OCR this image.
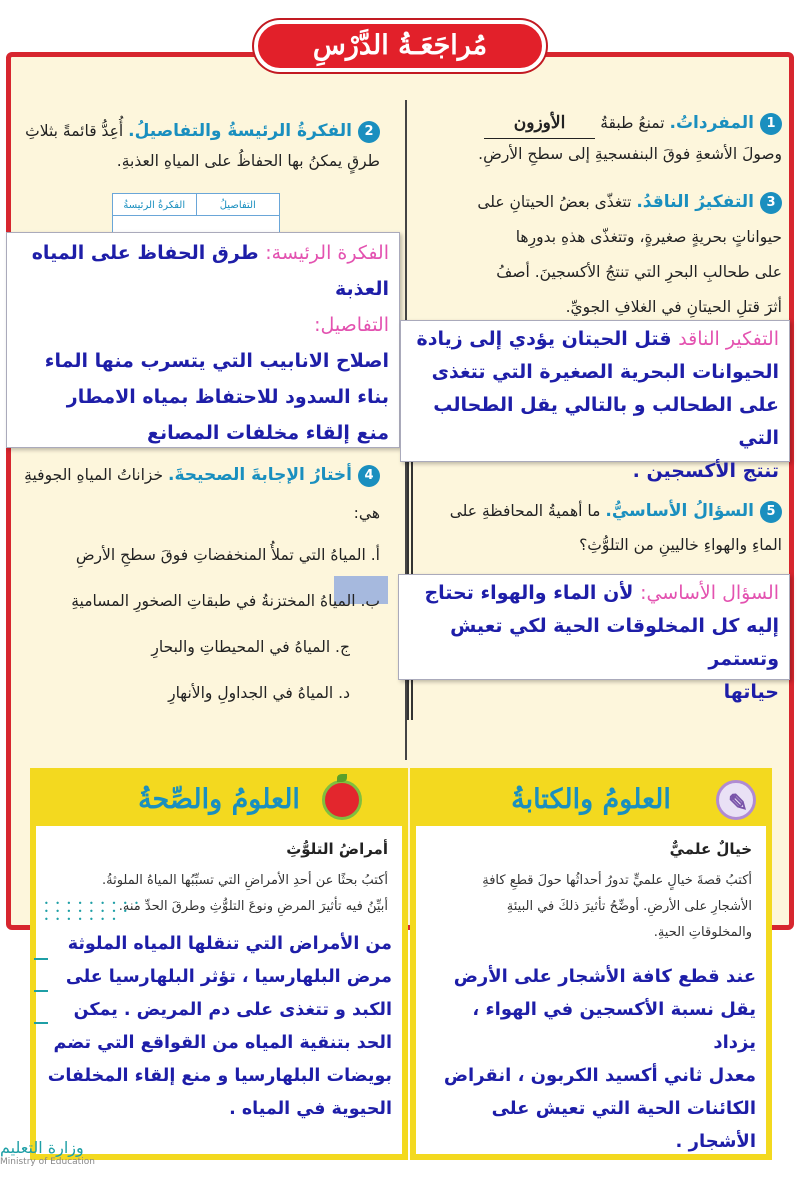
مُراجَعَـةُ الدَّرْسِ
1المفرداتُ. تمنعُ طبقةُ الأوزون
وصولَ الأشعةِ فوقَ البنفسجيةِ إلى سطحِ الأرضِ.
2الفكرةُ الرئيسةُ والتفاصيلُ. أُعِدُّ قائمةً بثلاثِ طرقٍ يمكنُ بها الحفاظُ على المياهِ العذبةِ.
التفاصيلُ
الفكرةُ الرئيسةُ	3التفكيرُ الناقدُ. تتغذّى بعضُ الحيتانِ على
حيواناتٍ بحريةٍ صغيرةٍ، وتتغذّى هذهِ بدورِها
على طحالبِ البحرِ التي تنتجُ الأكسجينَ. أصفُ
أثرَ قتلِ الحيتانِ في الغلافِ الجويِّ.
4أختارُ الإجابةَ الصحيحةَ. خزاناتُ المياهِ الجوفيةِ هي:
أ. المياهُ التي تملأُ المنخفضاتِ فوقَ سطحِ الأرضِ
ب. المياهُ المختزنةُ في طبقاتِ الصخورِ المساميةِ
ج. المياهُ في المحيطاتِ والبحارِ
د. المياهُ في الجداولِ والأنهارِ
5السؤالُ الأساسيُّ. ما أهميةُ المحافظةِ على
الماءِ والهواءِ خاليينِ من التلوُّثِ؟
الفكرة الرئيسة: طرق الحفاظ على المياه العذبة
التفاصيل:
اصلاح الانابيب التي يتسرب منها الماء
بناء السدود للاحتفاظ بمياه الامطار
منع إلقاء مخلفات المصانع
التفكير الناقد قتل الحيتان يؤدي إلى زيادة
الحيوانات البحرية الصغيرة التي تتغذى
على الطحالب و بالتالي يقل الطحالب التي
تنتج الأكسجين .
السؤال الأساسي: لأن الماء والهواء تحتاج
إليه كل المخلوقات الحية لكي تعيش وتستمر
حياتها
✎
العلومُ والكتابةُ
خيالٌ علميٌّ
أكتبُ قصةَ خيالٍ علميٍّ تدورُ أحداثُها حولَ قطعِ كافةِ
الأشجارِ على الأرضِ. أوضِّحُ تأثيرَ ذلكَ في البيئةِ
والمخلوقاتِ الحيةِ.
عند قطع كافة الأشجار على الأرض
يقل نسبة الأكسجين في الهواء ، يزداد
معدل ثاني أكسيد الكربون ، انقراض
الكائنات الحية التي تعيش على
الأشجار .
العلومُ والصِّحةُ
أمراضُ التلوُّثِ
أكتبُ بحثًا عن أحدِ الأمراضِ التي تسبِّبُها المياهُ الملوثةُ.
أبيِّنُ فيه تأثيرَ المرضِ ونوعَ التلوُّثِ وطرقَ الحدِّ منه.
من الأمراض التي تنقلها المياه الملوثة
مرض البلهارسيا ، تؤثر البلهارسيا على
الكبد و تتغذى على دم المريض . يمكن
الحد بتنقية المياه من القواقع التي تضم
بويضات البلهارسيا و منع إلقاء المخلفات
الحيوية في المياه .
• • • • • • • • •
• • • • • • • •
• • • • • • •
وزارة التعليم
Ministry of Education
